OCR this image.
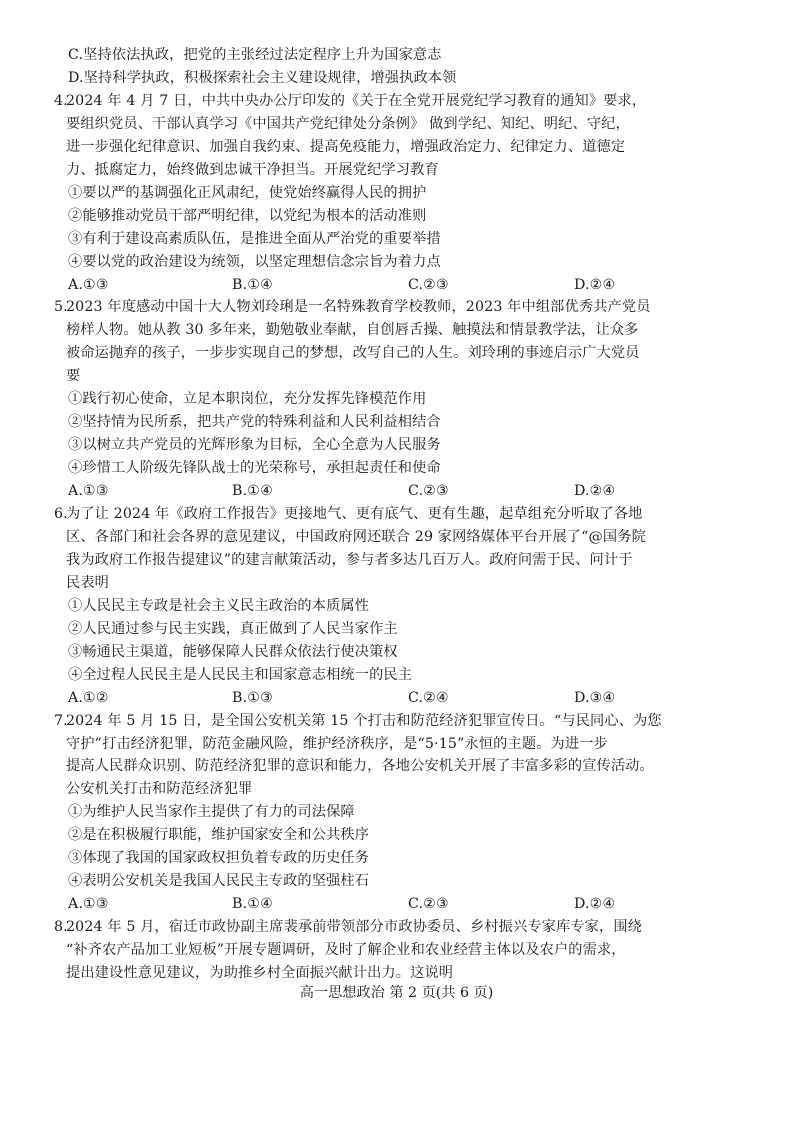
C.坚持依法执政，把党的主张经过法定程序上升为国家意志
D.坚持科学执政，积极探索社会主义建设规律，增强执政本领
4.
2024 年 4 月 7 日，中共中央办公厅印发的《关于在全党开展党纪学习教育的通知》要求，
要组织党员、干部认真学习《中国共产党纪律处分条例》 做到学纪、知纪、明纪、守纪，
进一步强化纪律意识、加强自我约束、提高免疫能力，增强政治定力、纪律定力、道德定
力、抵腐定力，始终做到忠诚干净担当。开展党纪学习教育
①要以严的基调强化正风肃纪，使党始终赢得人民的拥护
②能够推动党员干部严明纪律，以党纪为根本的活动准则
③有利于建设高素质队伍，是推进全面从严治党的重要举措
④要以党的政治建设为统领，以坚定理想信念宗旨为着力点
A.①③	B.①④	C.②③	D.②④
5.
2023 年度感动中国十大人物刘玲琍是一名特殊教育学校教师，2023 年中组部优秀共产党员
榜样人物。她从教 30 多年来，勤勉敬业奉献，自创唇舌操、触摸法和情景教学法，让众多
被命运抛弃的孩子，一步步实现自己的梦想，改写自己的人生。刘玲琍的事迹启示广大党员
要
①践行初心使命，立足本职岗位，充分发挥先锋模范作用
②坚持情为民所系，把共产党的特殊利益和人民利益相结合
③以树立共产党员的光辉形象为目标，全心全意为人民服务
④珍惜工人阶级先锋队战士的光荣称号，承担起责任和使命
A.①③	B.①④	C.②③	D.②④
6.
为了让 2024 年《政府工作报告》更接地气、更有底气、更有生趣，起草组充分听取了各地
区、各部门和社会各界的意见建议，中国政府网还联合 29 家网络媒体平台开展了“@国务院
我为政府工作报告提建议”的建言献策活动，参与者多达几百万人。政府问需于民、问计于
民表明
①人民民主专政是社会主义民主政治的本质属性
②人民通过参与民主实践，真正做到了人民当家作主
③畅通民主渠道，能够保障人民群众依法行使决策权
④全过程人民民主是人民民主和国家意志相统一的民主
A.①②	B.①③	C.②④	D.③④
7.
2024 年 5 月 15 日，是全国公安机关第 15 个打击和防范经济犯罪宣传日。“与民同心、为您
守护”打击经济犯罪，防范金融风险，维护经济秩序，是“5·15”永恒的主题。为进一步
提高人民群众识别、防范经济犯罪的意识和能力，各地公安机关开展了丰富多彩的宣传活动。
公安机关打击和防范经济犯罪
①为维护人民当家作主提供了有力的司法保障
②是在积极履行职能，维护国家安全和公共秩序
③体现了我国的国家政权担负着专政的历史任务
④表明公安机关是我国人民民主专政的坚强柱石
A.①③	B.①④	C.②③	D.②④
8.
2024 年 5 月，宿迁市政协副主席裴承前带领部分市政协委员、乡村振兴专家库专家，围绕
“补齐农产品加工业短板”开展专题调研，及时了解企业和农业经营主体以及农户的需求，
提出建设性意见建议，为助推乡村全面振兴献计出力。这说明
高一思想政治 第 2 页(共 6 页)
